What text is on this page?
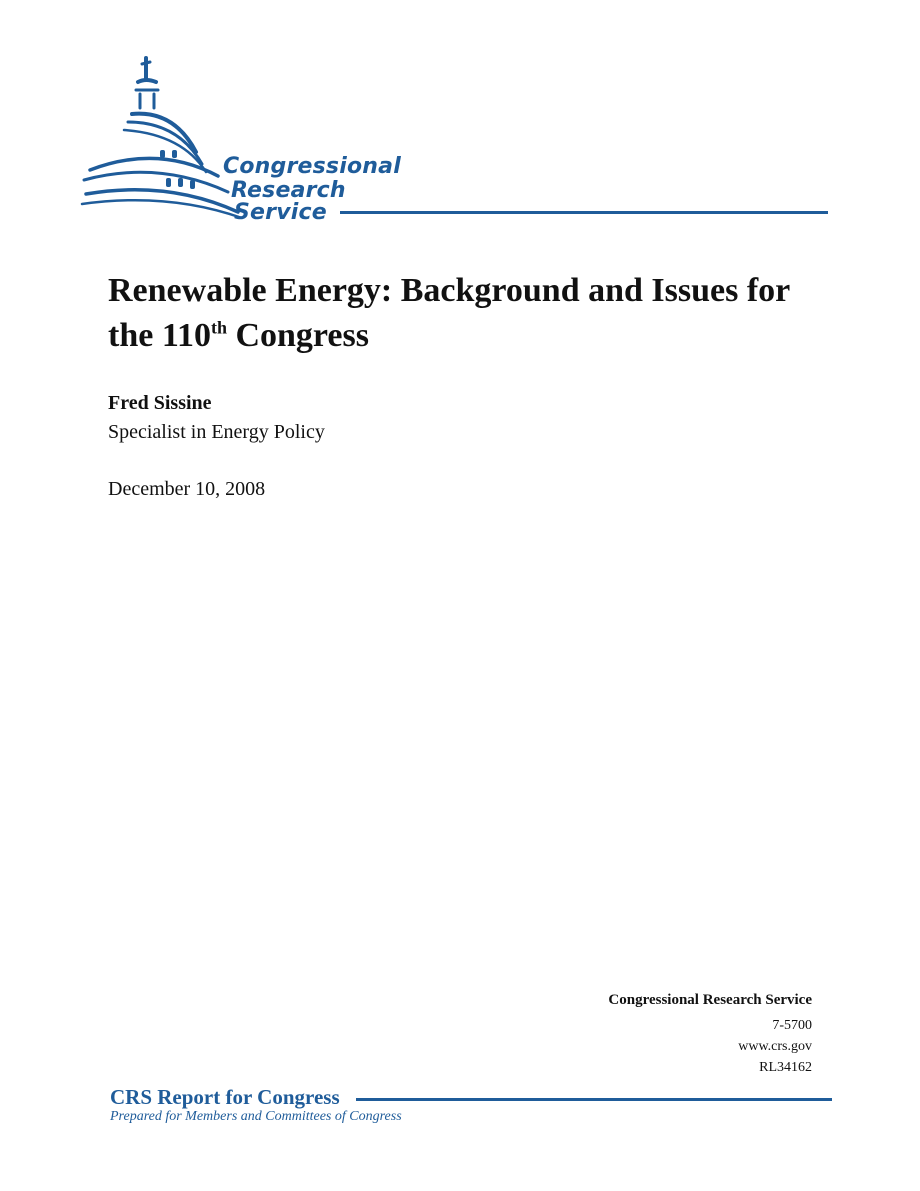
Congressional
Research
Service
Renewable Energy: Background and Issues for the 110th Congress
Fred Sissine
Specialist in Energy Policy
December 10, 2008
Congressional Research Service
7-5700
www.crs.gov
RL34162
CRS Report for Congress
Prepared for Members and Committees of Congress
